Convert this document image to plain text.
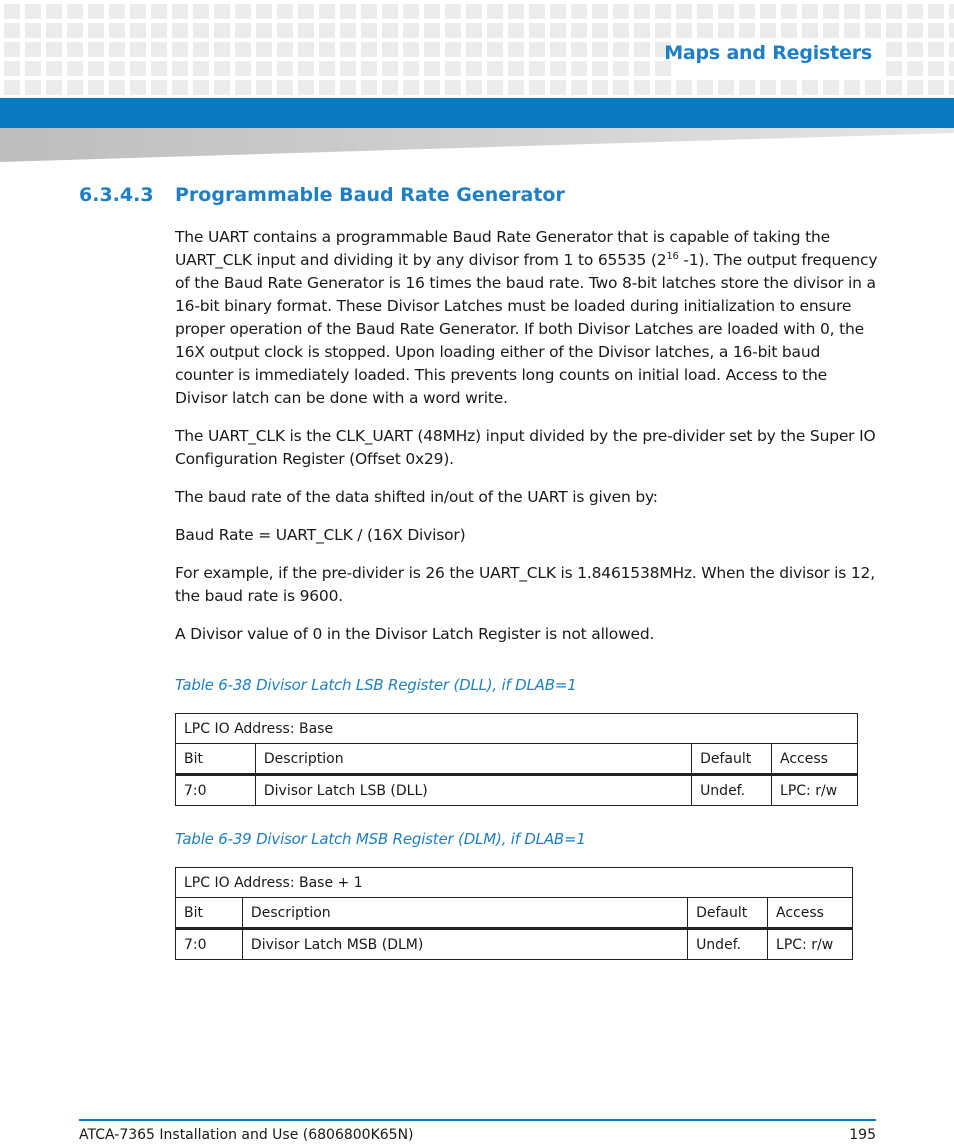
Maps and Registers
6.3.4.3 Programmable Baud Rate Generator

The UART contains a programmable Baud Rate Generator that is capable of taking the UART_CLK input and dividing it by any divisor from 1 to 65535 ($2^{16}$ -1). The output frequency of the Baud Rate Generator is 16 times the baud rate. Two 8-bit latches store the divisor in a 16-bit binary format. These Divisor Latches must be loaded during initialization to ensure proper operation of the Baud Rate Generator. If both Divisor Latches are loaded with 0, the 16X output clock is stopped. Upon loading either of the Divisor latches, a 16-bit baud counter is immediately loaded. This prevents long counts on initial load. Access to the Divisor latch can be done with a word write.

The UART_CLK is the CLK_UART (48MHz) input divided by the pre-divider set by the Super IO Configuration Register (Offset 0x29).

The baud rate of the data shifted in/out of the UART is given by:

Baud Rate = UART_CLK / (16X Divisor)

For example, if the pre-divider is 26 the UART_CLK is 1.8461538MHz. When the divisor is 12, the baud rate is 9600.

A Divisor value of 0 in the Divisor Latch Register is not allowed.

Table 6-38 Divisor Latch LSB Register (DLL), if DLAB=1
LPC IO Address: Base			
Bit	Description	Default	Access
7:0	Divisor Latch LSB (DLL)	Undef.	LPC: r/w
Table 6-39 Divisor Latch MSB Register (DLM), if DLAB=1
LPC IO Address: Base + 1			
Bit	Description	Default	Access
7:0	Divisor Latch MSB (DLM)	Undef.	LPC: r/w
ATCA-7365 Installation and Use (6806800K65N)	195
